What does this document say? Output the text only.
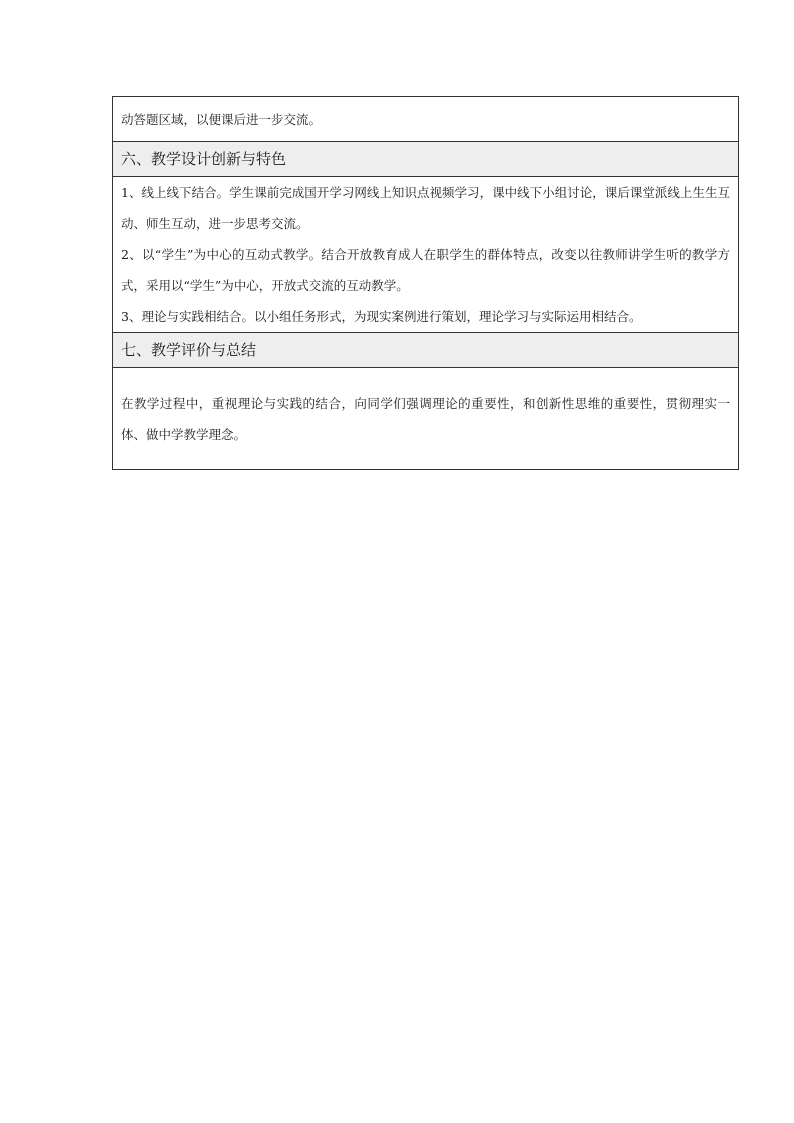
动答题区域，以便课后进一步交流。
六、教学设计创新与特色

1、线上线下结合。学生课前完成国开学习网线上知识点视频学习，课中线下小组讨论，课后课堂派线上生生互动、师生互动，进一步思考交流。
2、以“学生”为中心的互动式教学。结合开放教育成人在职学生的群体特点，改变以往教师讲学生听的教学方式，采用以“学生”为中心，开放式交流的互动教学。
3、理论与实践相结合。以小组任务形式，为现实案例进行策划，理论学习与实际运用相结合。

七、教学评价与总结

在教学过程中，重视理论与实践的结合，向同学们强调理论的重要性，和创新性思维的重要性，贯彻理实一体、做中学教学理念。
